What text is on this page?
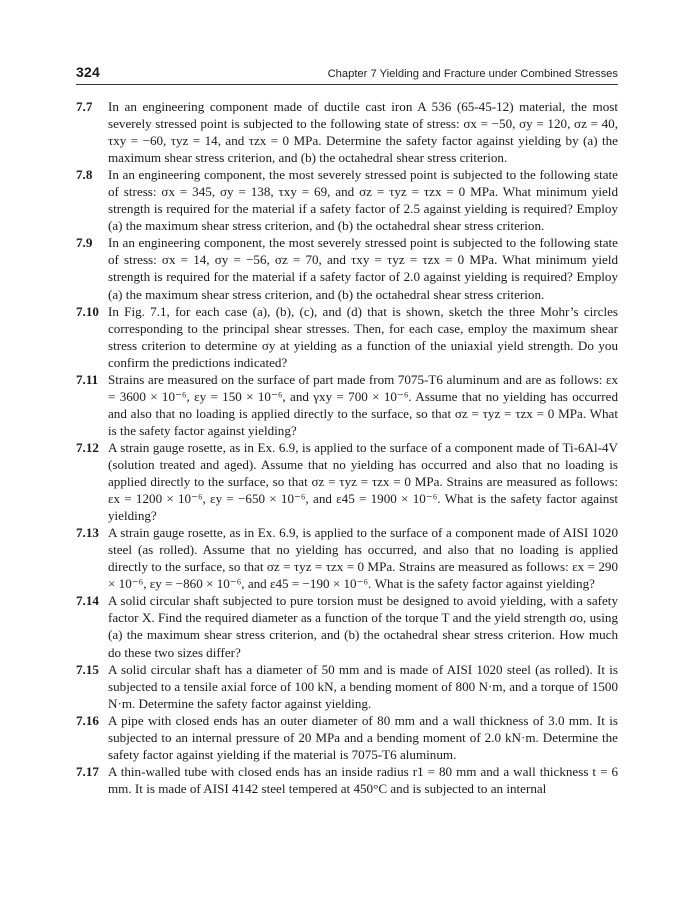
324	Chapter 7 Yielding and Fracture under Combined Stresses
7.7	In an engineering component made of ductile cast iron A 536 (65-45-12) material, the most severely stressed point is subjected to the following state of stress: σx = −50, σy = 120, σz = 40, τxy = −60, τyz = 14, and τzx = 0 MPa. Determine the safety factor against yielding by (a) the maximum shear stress criterion, and (b) the octahedral shear stress criterion.
7.8	In an engineering component, the most severely stressed point is subjected to the following state of stress: σx = 345, σy = 138, τxy = 69, and σz = τyz = τzx = 0 MPa. What minimum yield strength is required for the material if a safety factor of 2.5 against yielding is required? Employ (a) the maximum shear stress criterion, and (b) the octahedral shear stress criterion.
7.9	In an engineering component, the most severely stressed point is subjected to the following state of stress: σx = 14, σy = −56, σz = 70, and τxy = τyz = τzx = 0 MPa. What minimum yield strength is required for the material if a safety factor of 2.0 against yielding is required? Employ (a) the maximum shear stress criterion, and (b) the octahedral shear stress criterion.
7.10 In Fig. 7.1, for each case (a), (b), (c), and (d) that is shown, sketch the three Mohr’s circles corresponding to the principal shear stresses. Then, for each case, employ the maximum shear stress criterion to determine σy at yielding as a function of the uniaxial yield strength. Do you confirm the predictions indicated?
7.11 Strains are measured on the surface of part made from 7075-T6 aluminum and are as follows: εx = 3600 × 10⁻⁶, εy = 150 × 10⁻⁶, and γxy = 700 × 10⁻⁶. Assume that no yielding has occurred and also that no loading is applied directly to the surface, so that σz = τyz = τzx = 0 MPa. What is the safety factor against yielding?
7.12 A strain gauge rosette, as in Ex. 6.9, is applied to the surface of a component made of Ti-6Al-4V (solution treated and aged). Assume that no yielding has occurred and also that no loading is applied directly to the surface, so that σz = τyz = τzx = 0 MPa. Strains are measured as follows: εx = 1200 × 10⁻⁶, εy = −650 × 10⁻⁶, and ε45 = 1900 × 10⁻⁶. What is the safety factor against yielding?
7.13 A strain gauge rosette, as in Ex. 6.9, is applied to the surface of a component made of AISI 1020 steel (as rolled). Assume that no yielding has occurred, and also that no loading is applied directly to the surface, so that σz = τyz = τzx = 0 MPa. Strains are measured as follows: εx = 290 × 10⁻⁶, εy = −860 × 10⁻⁶, and ε45 = −190 × 10⁻⁶. What is the safety factor against yielding?
7.14 A solid circular shaft subjected to pure torsion must be designed to avoid yielding, with a safety factor X. Find the required diameter as a function of the torque T and the yield strength σo, using (a) the maximum shear stress criterion, and (b) the octahedral shear stress criterion. How much do these two sizes differ?
7.15 A solid circular shaft has a diameter of 50 mm and is made of AISI 1020 steel (as rolled). It is subjected to a tensile axial force of 100 kN, a bending moment of 800 N·m, and a torque of 1500 N·m. Determine the safety factor against yielding.
7.16 A pipe with closed ends has an outer diameter of 80 mm and a wall thickness of 3.0 mm. It is subjected to an internal pressure of 20 MPa and a bending moment of 2.0 kN·m. Determine the safety factor against yielding if the material is 7075-T6 aluminum.
7.17 A thin-walled tube with closed ends has an inside radius r1 = 80 mm and a wall thickness t = 6 mm. It is made of AISI 4142 steel tempered at 450°C and is subjected to an internal
